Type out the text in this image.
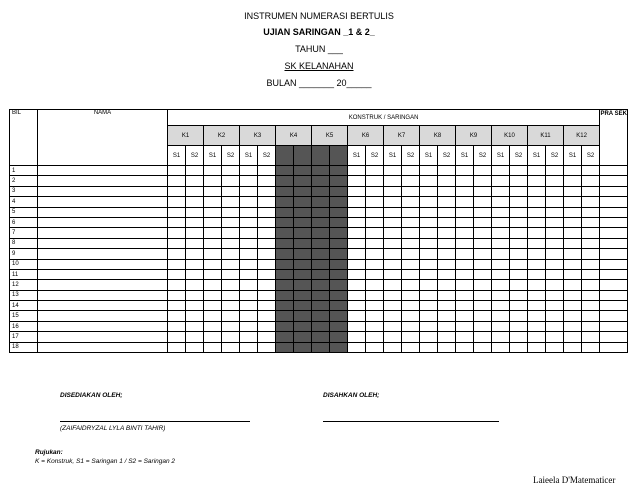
INSTRUMEN NUMERASI BERTULIS
UJIAN SARINGAN _1 & 2_
TAHUN ___
SK KELANAHAN
BULAN _______ 20_____
BIL	NAMA	KONSTRUK / SARINGAN																								PRA SEK
		K1		K2		K3		K4		K5		K6		K7		K8		K9		K10		K11		K12		
		S1	S2	S1	S2	S1	S2					S1	S2	S1	S2	S1	S2	S1	S2	S1	S2	S1	S2	S1	S2	
1																										
2																										
3																										
4																										
5																										
6																										
7																										
8																										
9																										
10																										
11																										
12																										
13																										
14																										
15																										
16																										
17																										
18																										
DISEDIAKAN OLEH;	DISAHKAN OLEH;
(ZAIFAIDRYZAL LYLA BINTI TAHIR)
Rujukan:
K = Konstruk, S1 = Saringan 1 / S2 = Saringan 2
Laieela D'Matematicer
